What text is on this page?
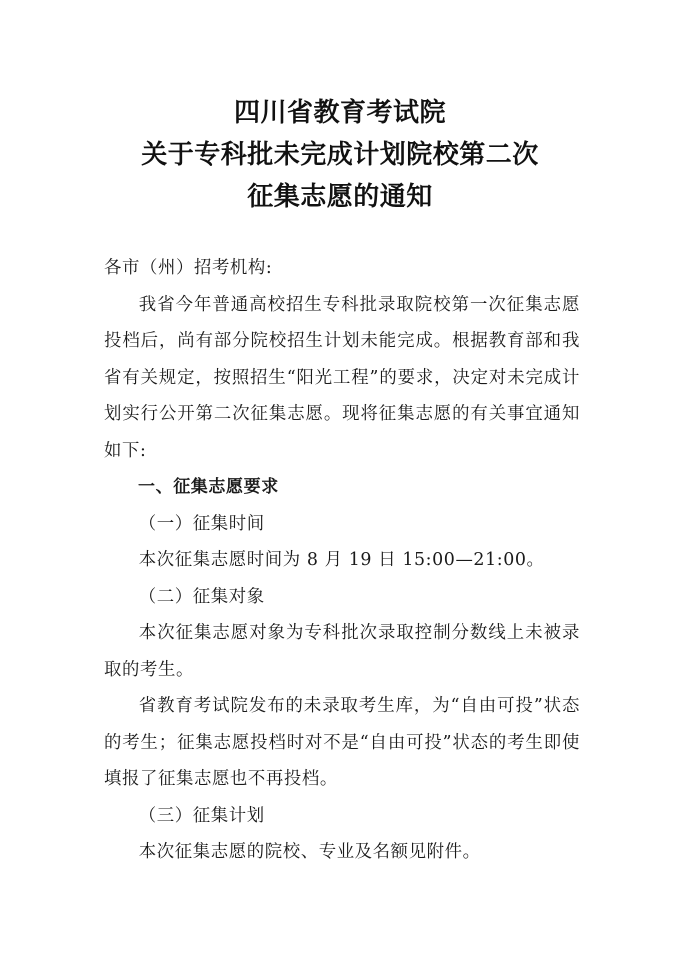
四川省教育考试院
关于专科批未完成计划院校第二次
征集志愿的通知

各市（州）招考机构:

我省今年普通高校招生专科批录取院校第一次征集志愿投档后，尚有部分院校招生计划未能完成。根据教育部和我省有关规定，按照招生“阳光工程”的要求，决定对未完成计划实行公开第二次征集志愿。现将征集志愿的有关事宜通知如下:

一、征集志愿要求

（一）征集时间

本次征集志愿时间为 8 月 19 日 15:00—21:00。

（二）征集对象

本次征集志愿对象为专科批次录取控制分数线上未被录取的考生。

省教育考试院发布的未录取考生库，为“自由可投”状态的考生；征集志愿投档时对不是“自由可投”状态的考生即使填报了征集志愿也不再投档。

（三）征集计划

本次征集志愿的院校、专业及名额见附件。
